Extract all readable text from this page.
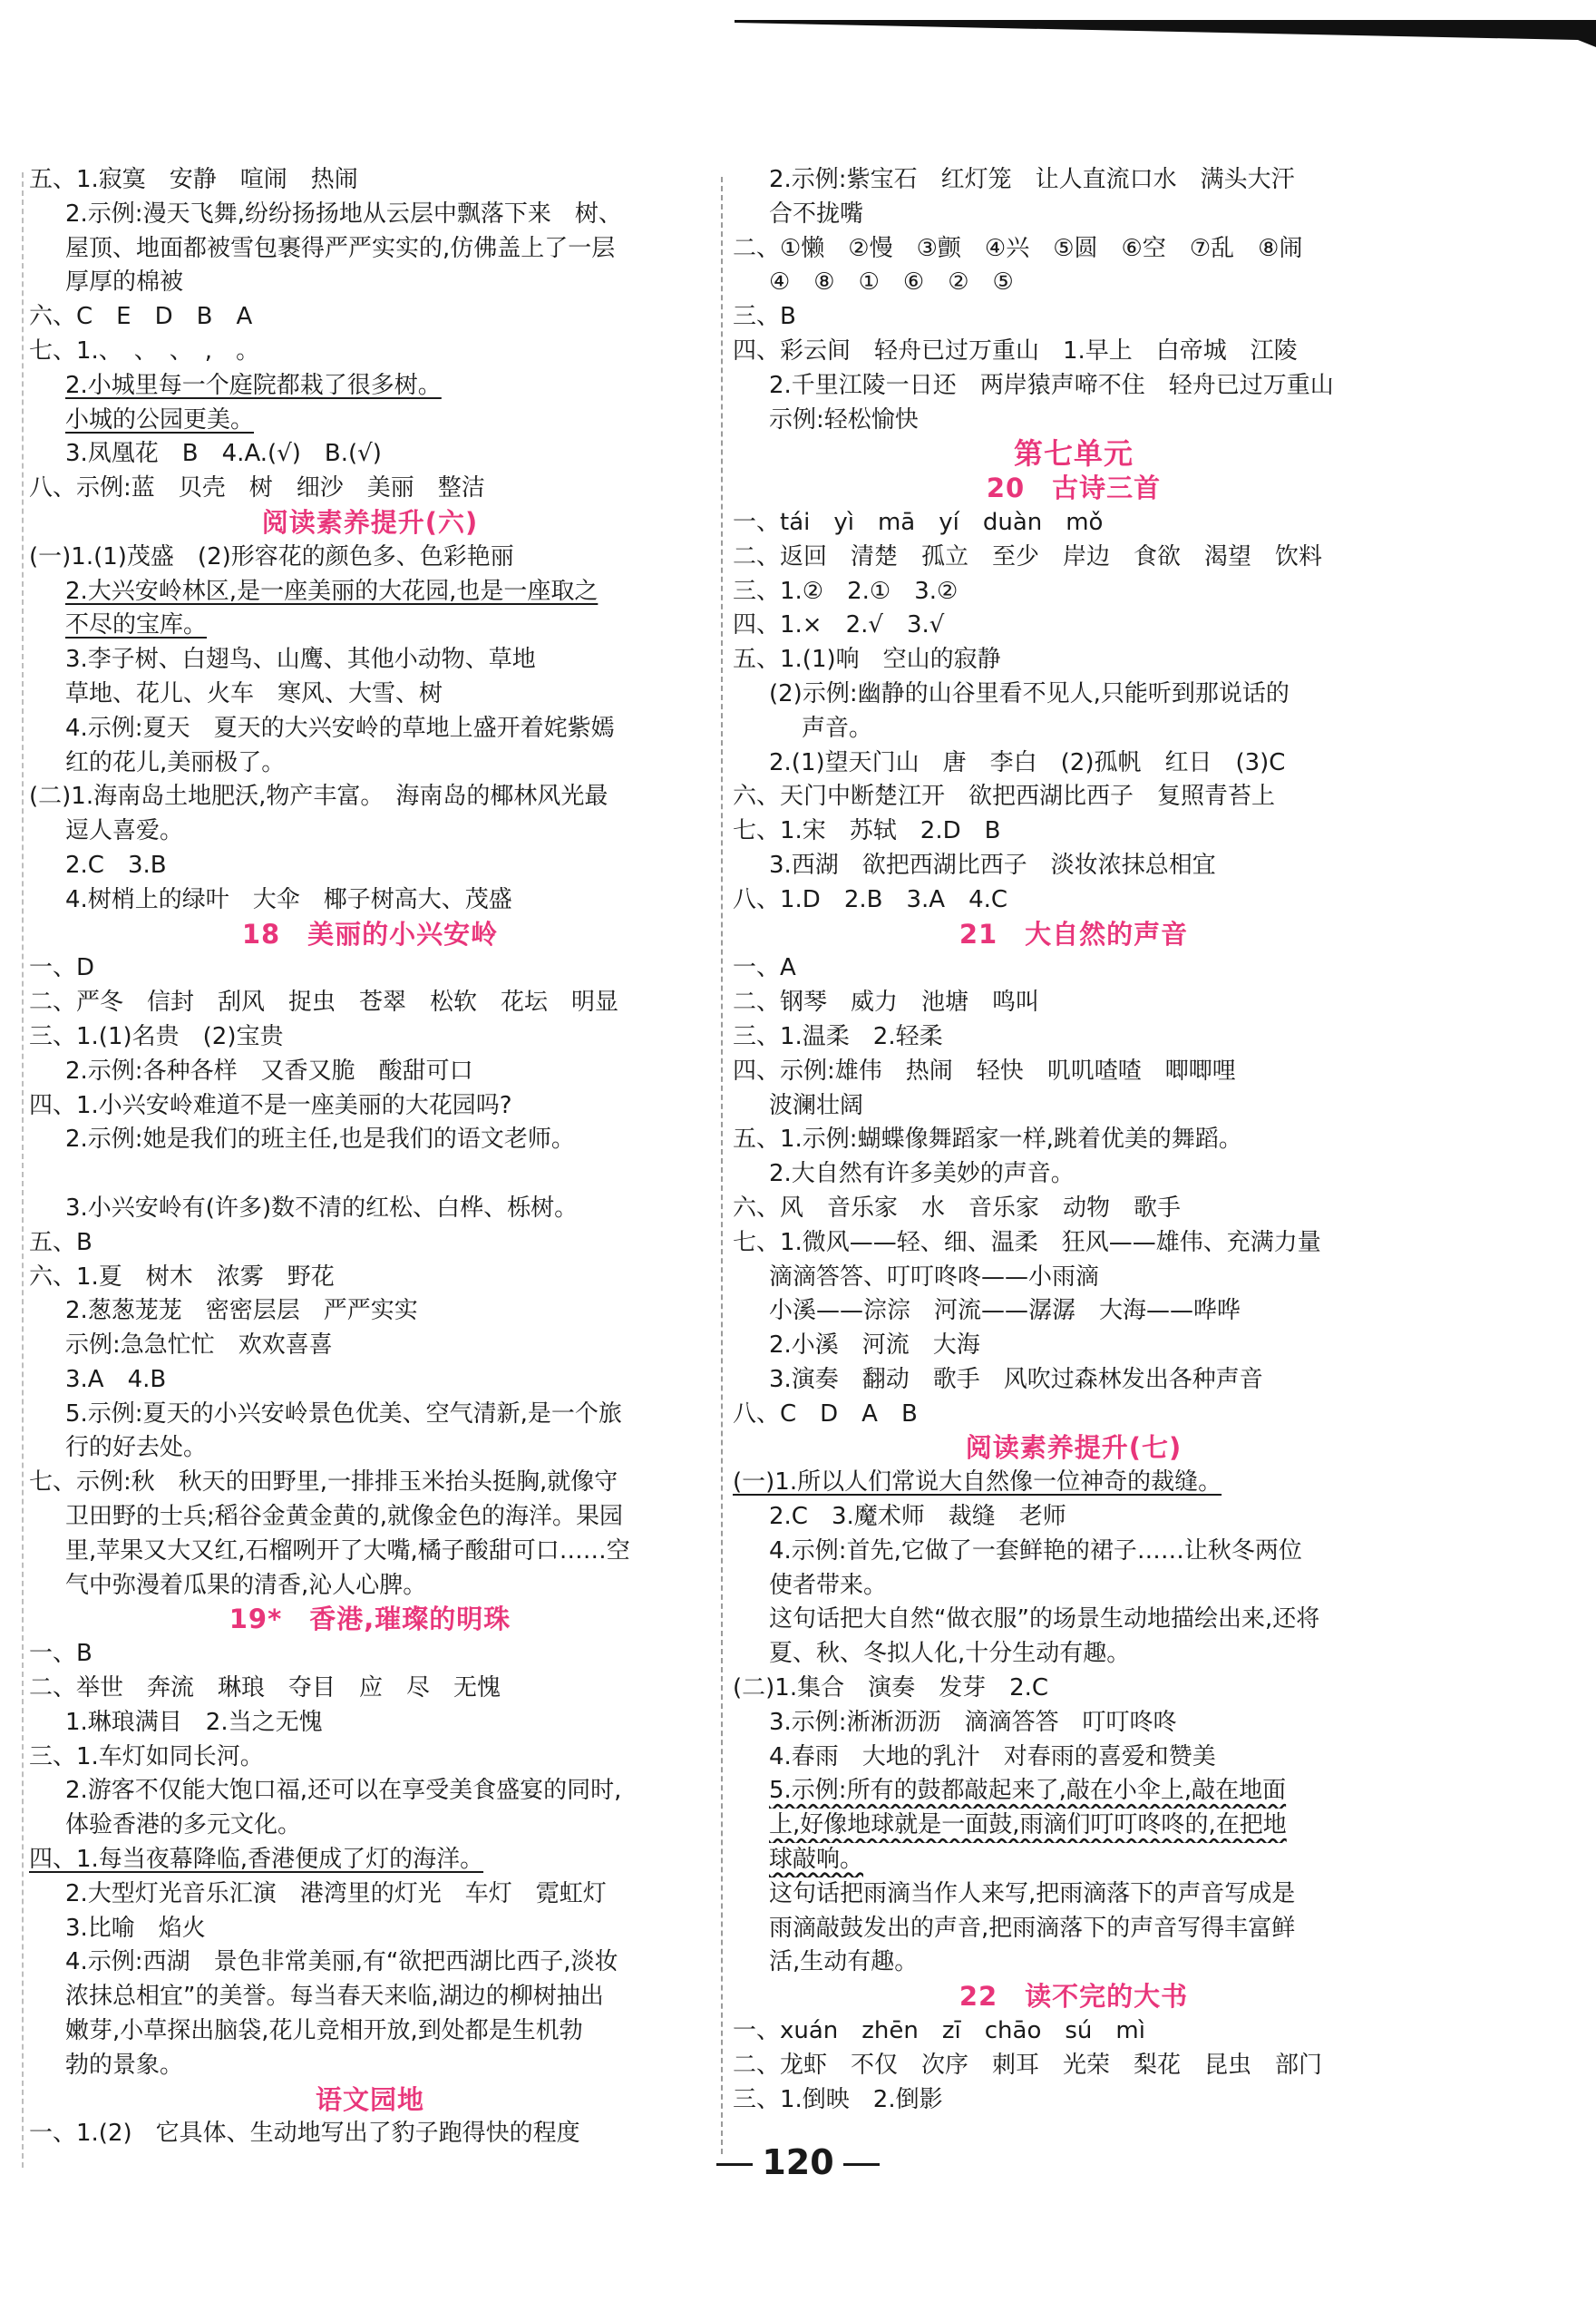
五、1.寂寞　安静　喧闹　热闹
2.示例:漫天飞舞,纷纷扬扬地从云层中飘落下来　树、
屋顶、地面都被雪包裹得严严实实的,仿佛盖上了一层
厚厚的棉被
六、C　E　D　B　A
七、1.、　、　、　,　。
2.小城里每一个庭院都栽了很多树。
小城的公园更美。
3.凤凰花　B　4.A.(√)　B.(√)
八、示例:蓝　贝壳　树　细沙　美丽　整洁
阅读素养提升(六)
(一)1.(1)茂盛　(2)形容花的颜色多、色彩艳丽
2.大兴安岭林区,是一座美丽的大花园,也是一座取之
不尽的宝库。
3.李子树、白翅鸟、山鹰、其他小动物、草地
草地、花儿、火车　寒风、大雪、树
4.示例:夏天　夏天的大兴安岭的草地上盛开着姹紫嫣
红的花儿,美丽极了。
(二)1.海南岛土地肥沃,物产丰富。　海南岛的椰林风光最
逗人喜爱。
2.C　3.B
4.树梢上的绿叶　大伞　椰子树高大、茂盛
18　美丽的小兴安岭
一、D
二、严冬　信封　刮风　捉虫　苍翠　松软　花坛　明显
三、1.(1)名贵　(2)宝贵
2.示例:各种各样　又香又脆　酸甜可口
四、1.小兴安岭难道不是一座美丽的大花园吗?
2.示例:她是我们的班主任,也是我们的语文老师。
3.小兴安岭有(许多)数不清的红松、白桦、栎树。
五、B
六、1.夏　树木　浓雾　野花
2.葱葱茏茏　密密层层　严严实实
示例:急急忙忙　欢欢喜喜
3.A　4.B
5.示例:夏天的小兴安岭景色优美、空气清新,是一个旅
行的好去处。
七、示例:秋　秋天的田野里,一排排玉米抬头挺胸,就像守
卫田野的士兵;稻谷金黄金黄的,就像金色的海洋。果园
里,苹果又大又红,石榴咧开了大嘴,橘子酸甜可口……空
气中弥漫着瓜果的清香,沁人心脾。
19*　香港,璀璨的明珠
一、B
二、举世　奔流　琳琅　夺目　应　尽　无愧
1.琳琅满目　2.当之无愧
三、1.车灯如同长河。
2.游客不仅能大饱口福,还可以在享受美食盛宴的同时,
体验香港的多元文化。
四、1.每当夜幕降临,香港便成了灯的海洋。
2.大型灯光音乐汇演　港湾里的灯光　车灯　霓虹灯
3.比喻　焰火
4.示例:西湖　景色非常美丽,有“欲把西湖比西子,淡妆
浓抹总相宜”的美誉。每当春天来临,湖边的柳树抽出
嫩芽,小草探出脑袋,花儿竞相开放,到处都是生机勃
勃的景象。
语文园地
一、1.(2)　它具体、生动地写出了豹子跑得快的程度
2.示例:紫宝石　红灯笼　让人直流口水　满头大汗
合不拢嘴
二、①懒　②慢　③颤　④兴　⑤圆　⑥空　⑦乱　⑧闹
④　⑧　①　⑥　②　⑤
三、B
四、彩云间　轻舟已过万重山　1.早上　白帝城　江陵
2.千里江陵一日还　两岸猿声啼不住　轻舟已过万重山
示例:轻松愉快
第七单元
20　古诗三首
一、tái　yì　mā　yí　duàn　mǒ
二、返回　清楚　孤立　至少　岸边　食欲　渴望　饮料
三、1.②　2.①　3.②
四、1.×　2.√　3.√
五、1.(1)响　空山的寂静
(2)示例:幽静的山谷里看不见人,只能听到那说话的
声音。
2.(1)望天门山　唐　李白　(2)孤帆　红日　(3)C
六、天门中断楚江开　欲把西湖比西子　复照青苔上
七、1.宋　苏轼　2.D　B
3.西湖　欲把西湖比西子　淡妆浓抹总相宜
八、1.D　2.B　3.A　4.C
21　大自然的声音
一、A
二、钢琴　威力　池塘　鸣叫
三、1.温柔　2.轻柔
四、示例:雄伟　热闹　轻快　叽叽喳喳　唧唧哩
波澜壮阔
五、1.示例:蝴蝶像舞蹈家一样,跳着优美的舞蹈。
2.大自然有许多美妙的声音。
六、风　音乐家　水　音乐家　动物　歌手
七、1.微风——轻、细、温柔　狂风——雄伟、充满力量
滴滴答答、叮叮咚咚——小雨滴
小溪——淙淙　河流——潺潺　大海——哗哗
2.小溪　河流　大海
3.演奏　翻动　歌手　风吹过森林发出各种声音
八、C　D　A　B
阅读素养提升(七)
(一)1.所以人们常说大自然像一位神奇的裁缝。
2.C　3.魔术师　裁缝　老师
4.示例:首先,它做了一套鲜艳的裙子……让秋冬两位
使者带来。
这句话把大自然“做衣服”的场景生动地描绘出来,还将
夏、秋、冬拟人化,十分生动有趣。
(二)1.集合　演奏　发芽　2.C
3.示例:淅淅沥沥　滴滴答答　叮叮咚咚
4.春雨　大地的乳汁　对春雨的喜爱和赞美
5.示例:所有的鼓都敲起来了,敲在小伞上,敲在地面
上,好像地球就是一面鼓,雨滴们叮叮咚咚的,在把地
球敲响。
这句话把雨滴当作人来写,把雨滴落下的声音写成是
雨滴敲鼓发出的声音,把雨滴落下的声音写得丰富鲜
活,生动有趣。
22　读不完的大书
一、xuán　zhēn　zī　chāo　sú　mì
二、龙虾　不仅　次序　刺耳　光荣　梨花　昆虫　部门
三、1.倒映　2.倒影
120
